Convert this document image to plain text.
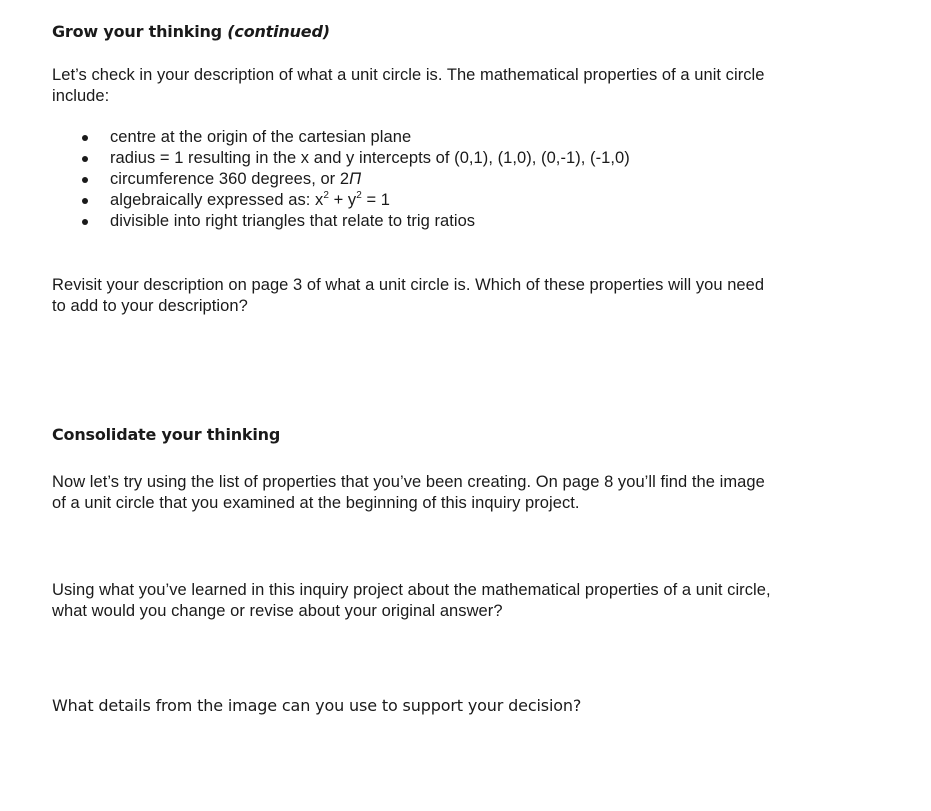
Grow your thinking (continued)
Let’s check in your description of what a unit circle is. The mathematical properties of a unit circle
include:
centre at the origin of the cartesian plane
radius = 1 resulting in the x and y intercepts of (0,1), (1,0), (0,-1), (-1,0)
circumference 360 degrees, or 2Π
algebraically expressed as: $x^2 + y^2 = 1$
divisible into right triangles that relate to trig ratios
Revisit your description on page 3 of what a unit circle is. Which of these properties will you need
to add to your description?
Consolidate your thinking
Now let’s try using the list of properties that you’ve been creating. On page 8 you’ll find the image
of a unit circle that you examined at the beginning of this inquiry project.
Using what you’ve learned in this inquiry project about the mathematical properties of a unit circle,
what would you change or revise about your original answer?
What details from the image can you use to support your decision?
